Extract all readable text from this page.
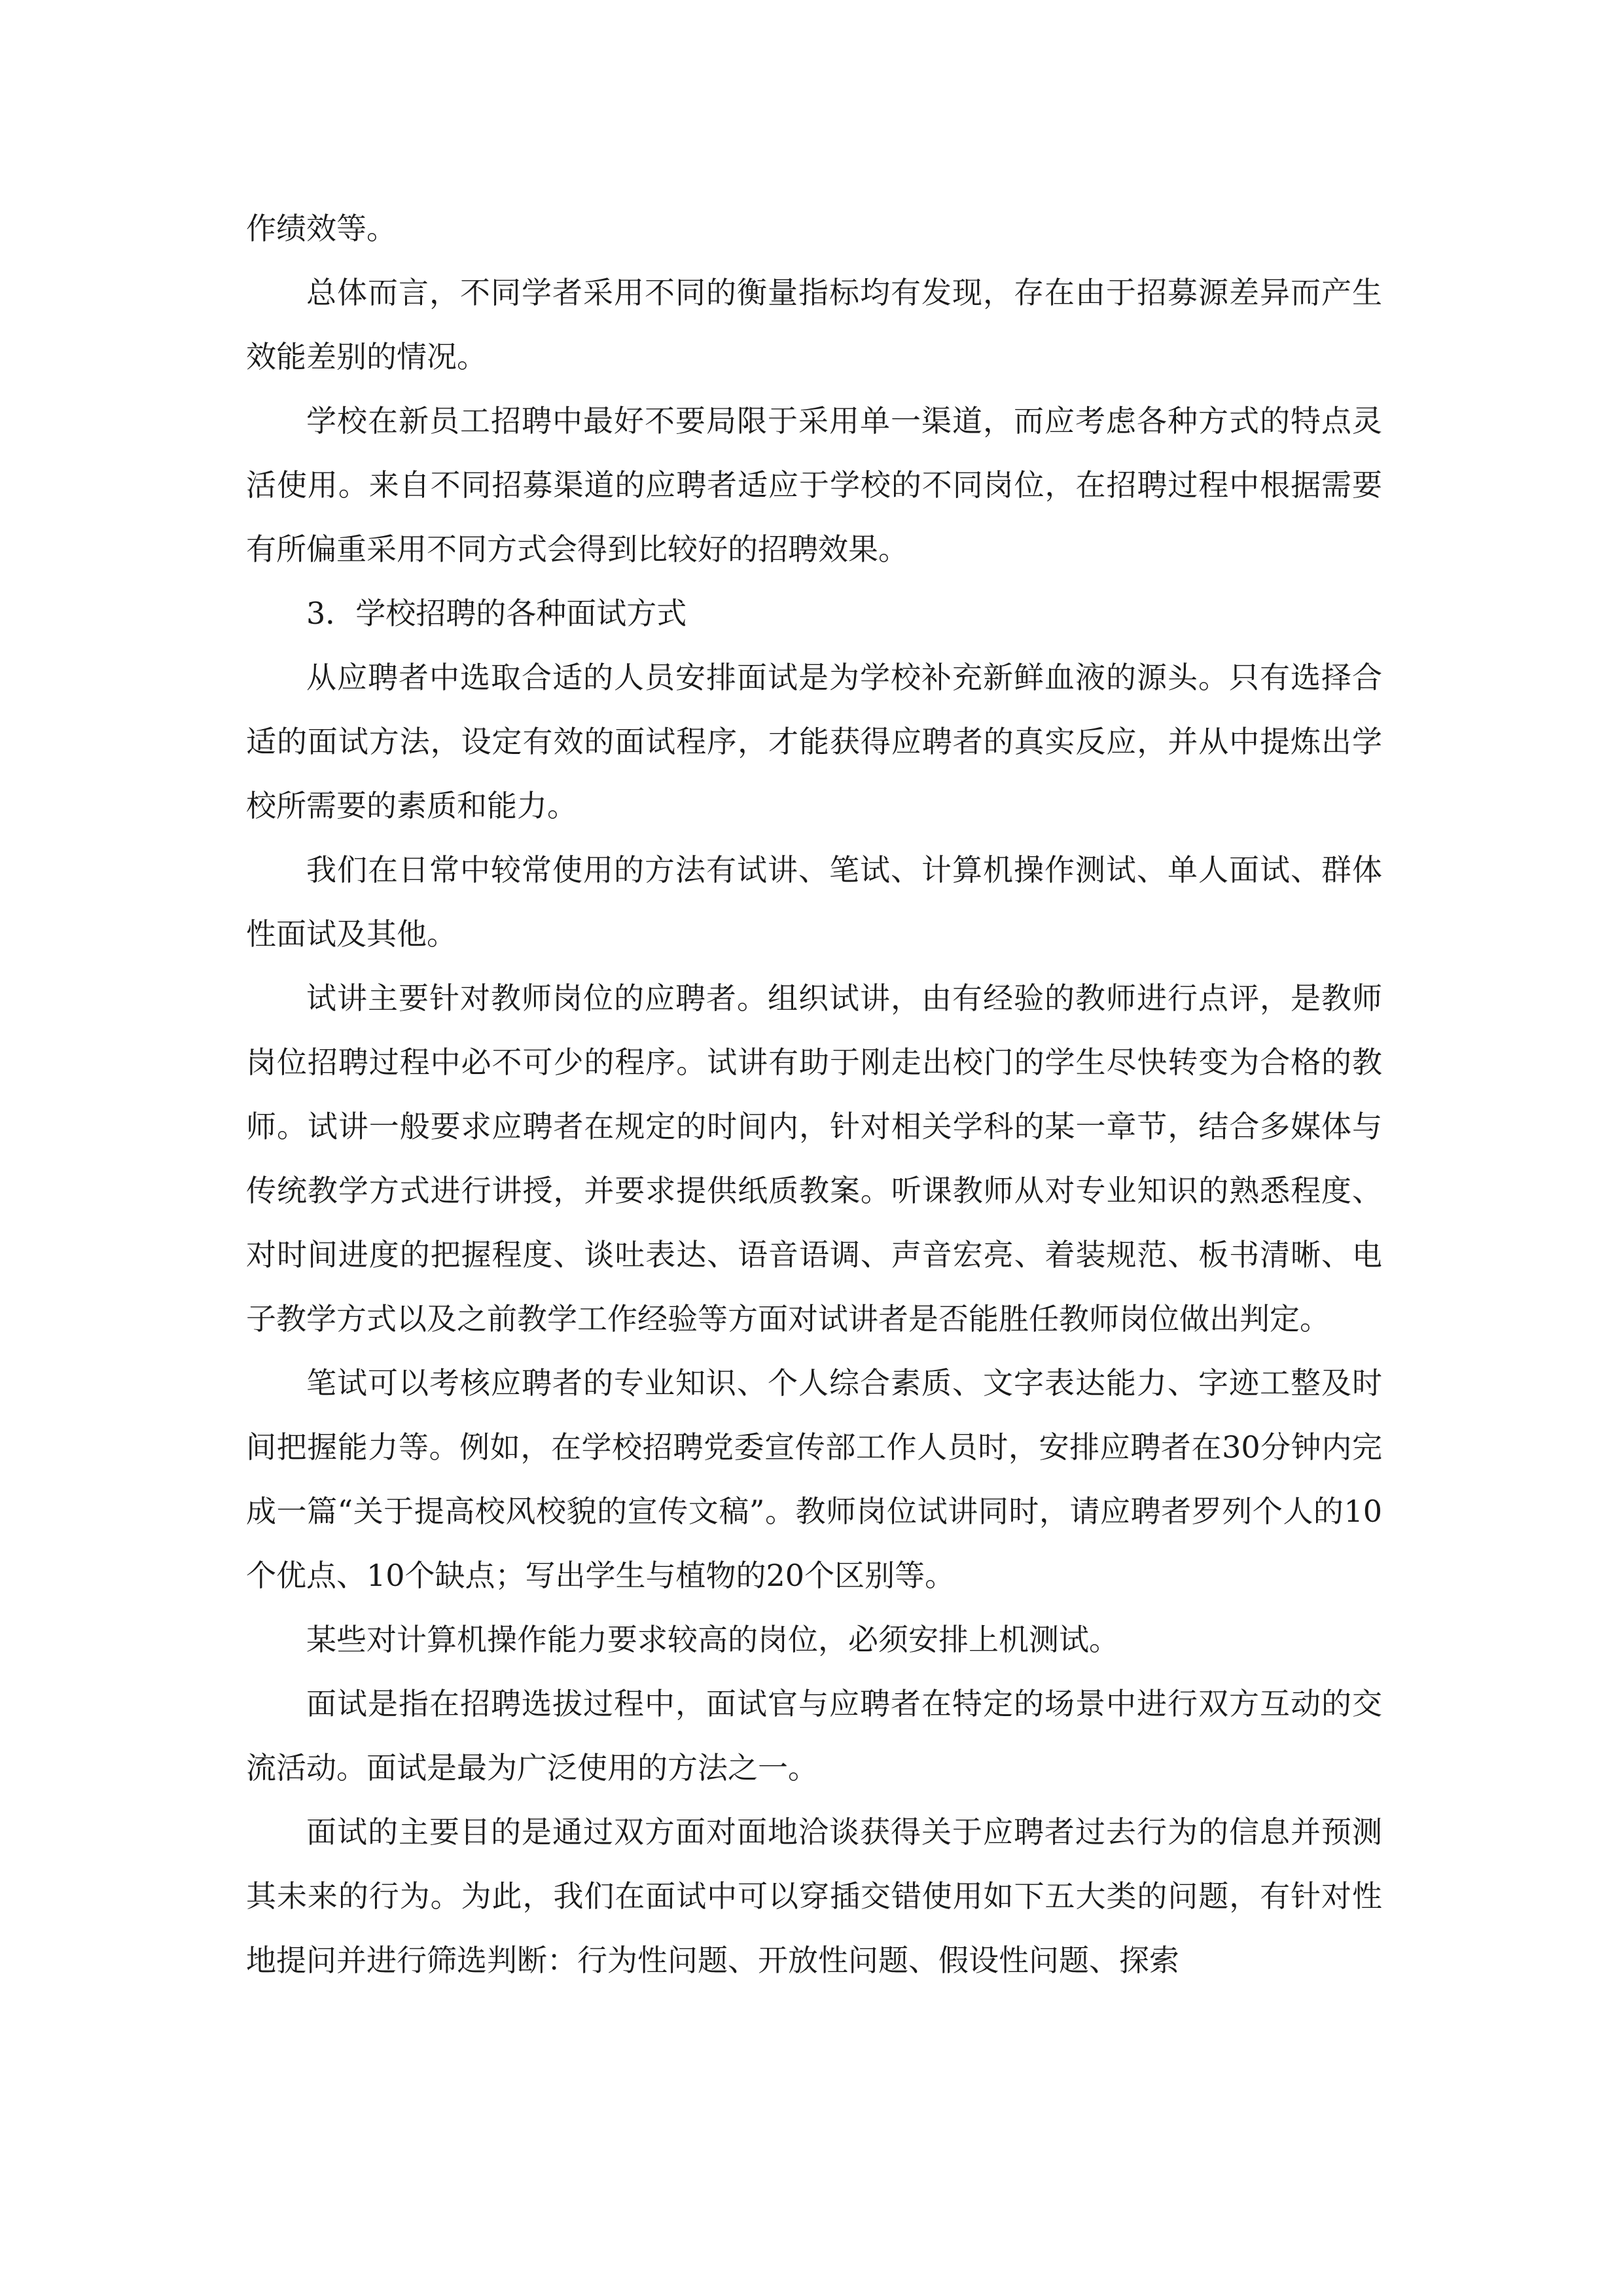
作绩效等。

总体而言，不同学者采用不同的衡量指标均有发现，存在由于招募源差异而产生效能差别的情况。

学校在新员工招聘中最好不要局限于采用单一渠道，而应考虑各种方式的特点灵活使用。来自不同招募渠道的应聘者适应于学校的不同岗位，在招聘过程中根据需要有所偏重采用不同方式会得到比较好的招聘效果。

3．学校招聘的各种面试方式

从应聘者中选取合适的人员安排面试是为学校补充新鲜血液的源头。只有选择合适的面试方法，设定有效的面试程序，才能获得应聘者的真实反应，并从中提炼出学校所需要的素质和能力。

我们在日常中较常使用的方法有试讲、笔试、计算机操作测试、单人面试、群体性面试及其他。

试讲主要针对教师岗位的应聘者。组织试讲，由有经验的教师进行点评，是教师岗位招聘过程中必不可少的程序。试讲有助于刚走出校门的学生尽快转变为合格的教师。试讲一般要求应聘者在规定的时间内，针对相关学科的某一章节，结合多媒体与传统教学方式进行讲授，并要求提供纸质教案。听课教师从对专业知识的熟悉程度、对时间进度的把握程度、谈吐表达、语音语调、声音宏亮、着装规范、板书清晰、电子教学方式以及之前教学工作经验等方面对试讲者是否能胜任教师岗位做出判定。

笔试可以考核应聘者的专业知识、个人综合素质、文字表达能力、字迹工整及时间把握能力等。例如，在学校招聘党委宣传部工作人员时，安排应聘者在30分钟内完成一篇“关于提高校风校貌的宣传文稿”。教师岗位试讲同时，请应聘者罗列个人的10个优点、10个缺点；写出学生与植物的20个区别等。

某些对计算机操作能力要求较高的岗位，必须安排上机测试。

面试是指在招聘选拔过程中，面试官与应聘者在特定的场景中进行双方互动的交流活动。面试是最为广泛使用的方法之一。

面试的主要目的是通过双方面对面地洽谈获得关于应聘者过去行为的信息并预测其未来的行为。为此，我们在面试中可以穿插交错使用如下五大类的问题，有针对性地提问并进行筛选判断：行为性问题、开放性问题、假设性问题、探索
